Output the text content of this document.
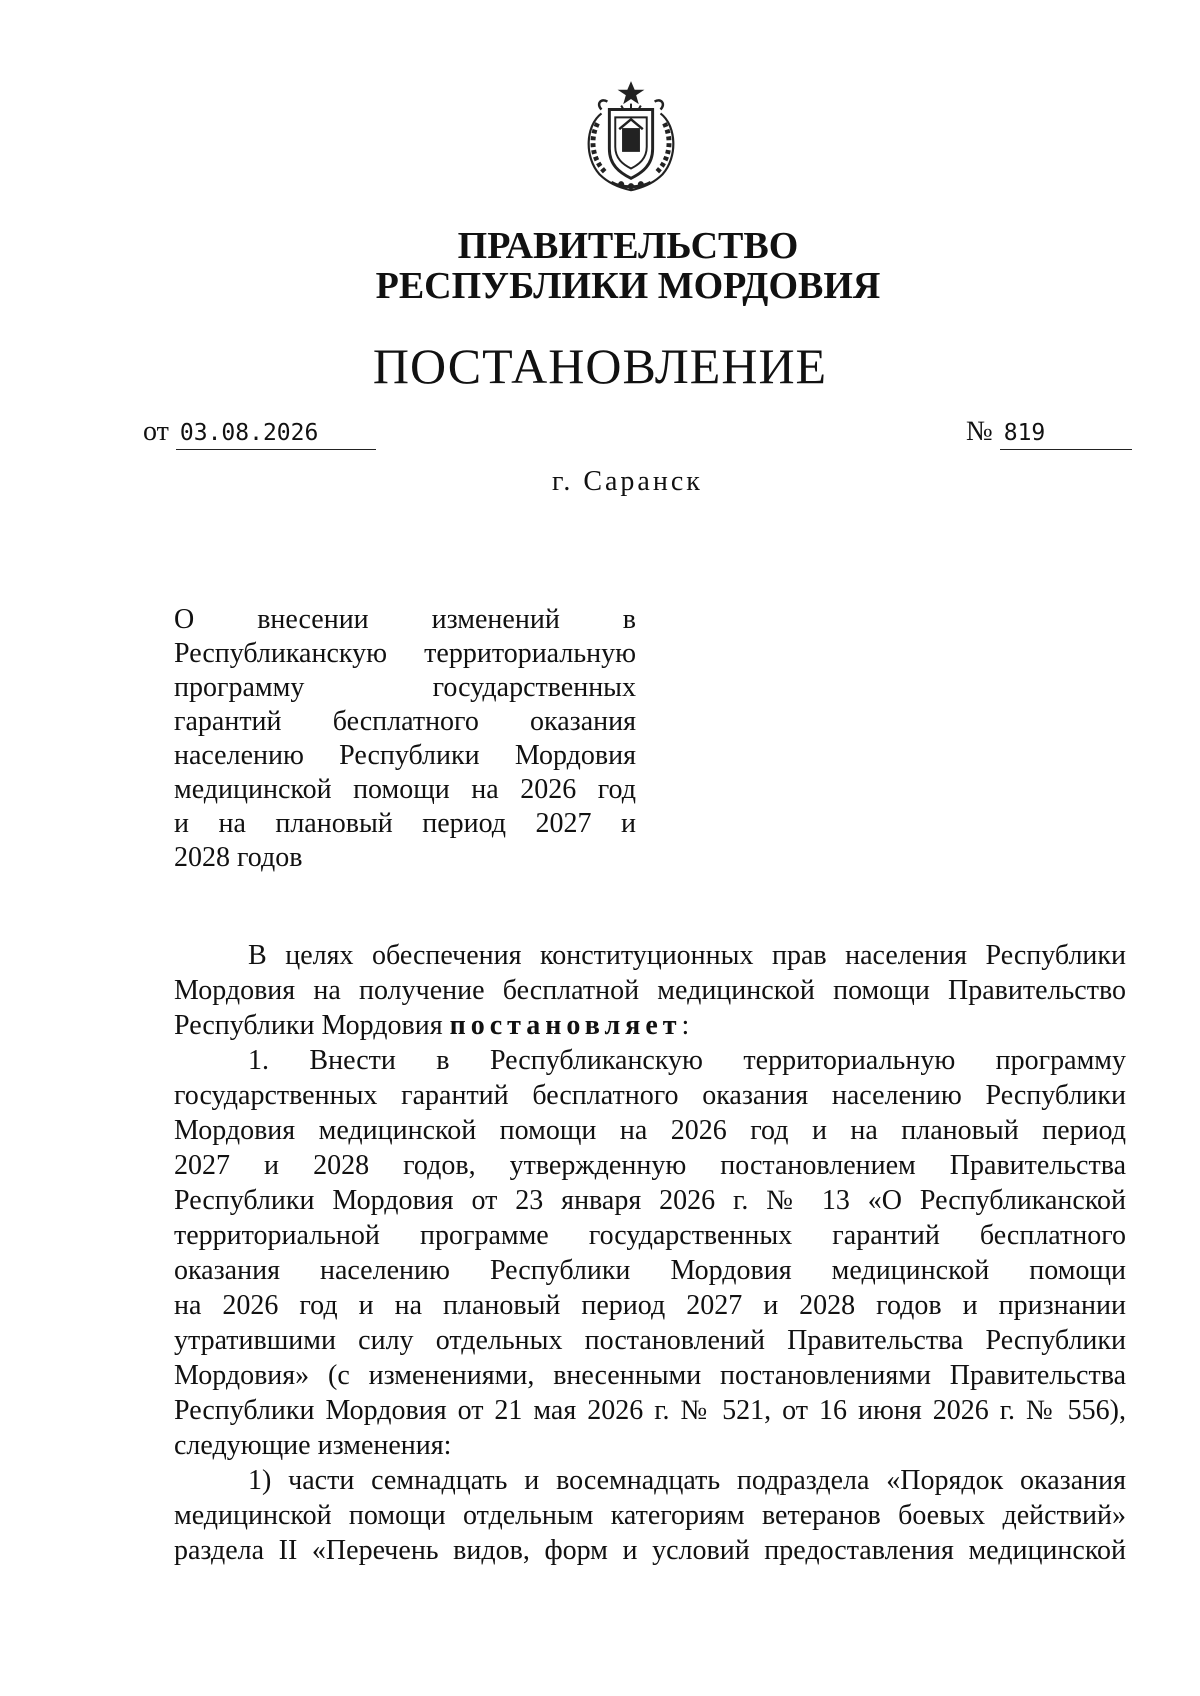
ПРАВИТЕЛЬСТВО
РЕСПУБЛИКИ МОРДОВИЯ
ПОСТАНОВЛЕНИЕ
от 03.08.2026	№ 819
г. Саранск
О внесении изменений в
Республиканскую территориальную
программу государственных
гарантий бесплатного оказания
населению Республики Мордовия
медицинской помощи на 2026 год
и на плановый период 2027 и
2028 годов
В целях обеспечения конституционных прав населения Республики
Мордовия на получение бесплатной медицинской помощи Правительство
Республики Мордовия постановляет:
1. Внести в Республиканскую территориальную программу
государственных гарантий бесплатного оказания населению Республики
Мордовия медицинской помощи на 2026 год и на плановый период
2027 и 2028 годов, утвержденную постановлением Правительства
Республики Мордовия от 23 января 2026 г. № 13 «О Республиканской
территориальной программе государственных гарантий бесплатного
оказания населению Республики Мордовия медицинской помощи
на 2026 год и на плановый период 2027 и 2028 годов и признании
утратившими силу отдельных постановлений Правительства Республики
Мордовия» (с изменениями, внесенными постановлениями Правительства
Республики Мордовия от 21 мая 2026 г. № 521, от 16 июня 2026 г. № 556),
следующие изменения:
1) части семнадцать и восемнадцать подраздела «Порядок оказания
медицинской помощи отдельным категориям ветеранов боевых действий»
раздела II «Перечень видов, форм и условий предоставления медицинской
